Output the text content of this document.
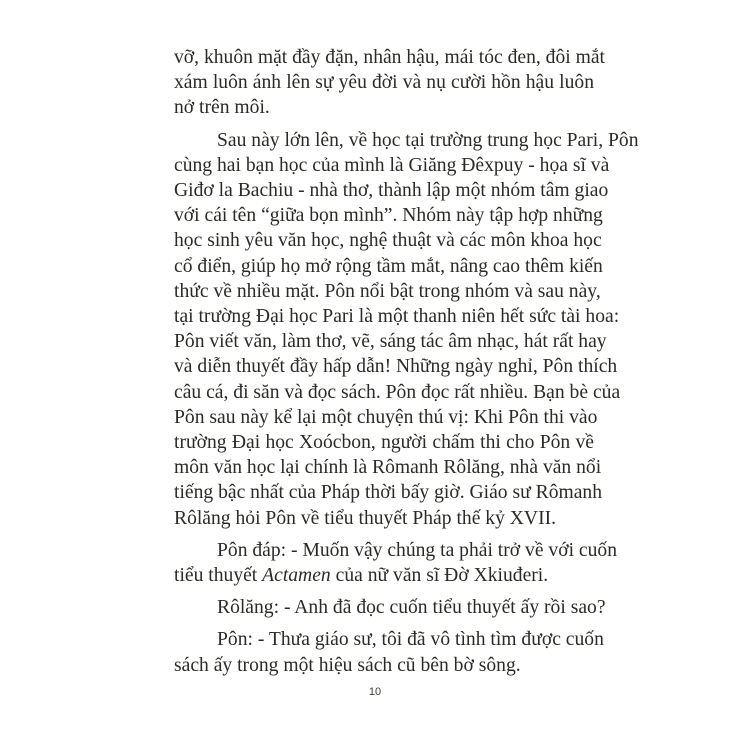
vỡ, khuôn mặt đầy đặn, nhân hậu, mái tóc đen, đôi mắt
xám luôn ánh lên sự yêu đời và nụ cười hồn hậu luôn
nở trên môi.

Sau này lớn lên, về học tại trường trung học Pari, Pôn
cùng hai bạn học của mình là Giăng Đêxpuy - họa sĩ và
Giđơ la Bachiu - nhà thơ, thành lập một nhóm tâm giao
với cái tên “giữa bọn mình”. Nhóm này tập hợp những
học sinh yêu văn học, nghệ thuật và các môn khoa học
cổ điển, giúp họ mở rộng tầm mắt, nâng cao thêm kiến
thức về nhiều mặt. Pôn nổi bật trong nhóm và sau này,
tại trường Đại học Pari là một thanh niên hết sức tài hoa:
Pôn viết văn, làm thơ, vẽ, sáng tác âm nhạc, hát rất hay
và diễn thuyết đầy hấp dẫn! Những ngày nghỉ, Pôn thích
câu cá, đi săn và đọc sách. Pôn đọc rất nhiều. Bạn bè của
Pôn sau này kể lại một chuyện thú vị: Khi Pôn thi vào
trường Đại học Xoócbon, người chấm thi cho Pôn về
môn văn học lại chính là Rômanh Rôlăng, nhà văn nổi
tiếng bậc nhất của Pháp thời bấy giờ. Giáo sư Rômanh
Rôlăng hỏi Pôn về tiểu thuyết Pháp thế kỷ XVII.

Pôn đáp: - Muốn vậy chúng ta phải trở về với cuốn
tiểu thuyết Actamen của nữ văn sĩ Đờ Xkiuđeri.

Rôlăng: - Anh đã đọc cuốn tiểu thuyết ấy rồi sao?

Pôn: - Thưa giáo sư, tôi đã vô tình tìm được cuốn
sách ấy trong một hiệu sách cũ bên bờ sông.

10
